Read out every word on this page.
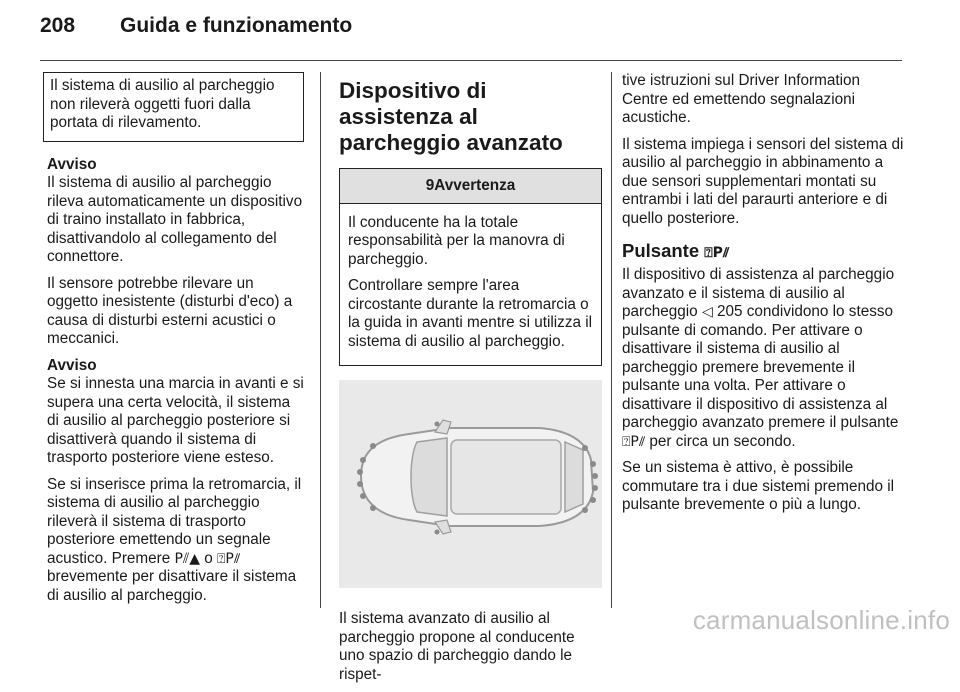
208 Guida e funzionamento
Il sistema di ausilio al parcheggio non rileverà oggetti fuori dalla portata di rilevamento.

Avviso

Il sistema di ausilio al parcheggio rileva automaticamente un dispositivo di traino installato in fabbrica, disattivandolo al collegamento del connettore.

Il sensore potrebbe rilevare un oggetto inesistente (disturbi d'eco) a causa di disturbi esterni acustici o meccanici.

Avviso

Se si innesta una marcia in avanti e si supera una certa velocità, il sistema di ausilio al parcheggio posteriore si disattiverà quando il sistema di trasporto posteriore viene esteso.

Se si inserisce prima la retromarcia, il sistema di ausilio al parcheggio rileverà il sistema di trasporto posteriore emettendo un segnale acustico. Premere P⫽▲ o ⍰P⫽ brevemente per disattivare il sistema di ausilio al parcheggio.

Dispositivo di assistenza al parcheggio avanzato
9Avvertenza

Il conducente ha la totale responsabilità per la manovra di parcheggio.

Controllare sempre l'area circostante durante la retromarcia o la guida in avanti mentre si utilizza il sistema di ausilio al parcheggio.

Il sistema avanzato di ausilio al parcheggio propone al conducente uno spazio di parcheggio dando le rispet-

tive istruzioni sul Driver Information Centre ed emettendo segnalazioni acustiche.

Il sistema impiega i sensori del sistema di ausilio al parcheggio in abbinamento a due sensori supplementari montati su entrambi i lati del paraurti anteriore e di quello posteriore.

Pulsante ⍰P⫽

Il dispositivo di assistenza al parcheggio avanzato e il sistema di ausilio al parcheggio ◁ 205 condividono lo stesso pulsante di comando. Per attivare o disattivare il sistema di ausilio al parcheggio premere brevemente il pulsante una volta. Per attivare o disattivare il dispositivo di assistenza al parcheggio avanzato premere il pulsante ⍰P⫽ per circa un secondo.

Se un sistema è attivo, è possibile commutare tra i due sistemi premendo il pulsante brevemente o più a lungo.

carmanualsonline.info
